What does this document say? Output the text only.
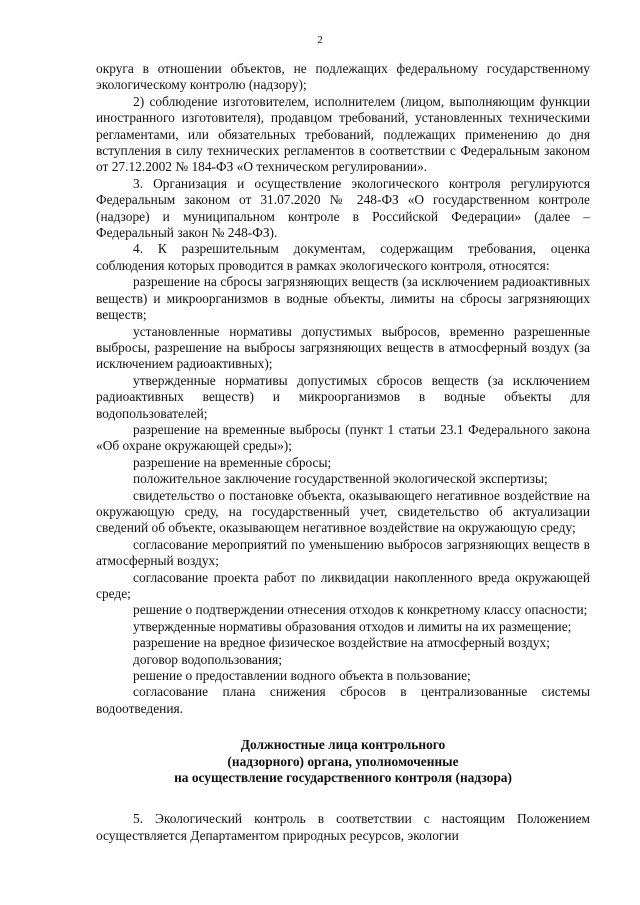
2

округа в отношении объектов, не подлежащих федеральному государственному экологическому контролю (надзору);

2) соблюдение изготовителем, исполнителем (лицом, выполняющим функции иностранного изготовителя), продавцом требований, установленных техническими регламентами, или обязательных требований, подлежащих применению до дня вступления в силу технических регламентов в соответствии с Федеральным законом от 27.12.2002 № 184-ФЗ «О техническом регулировании».

3. Организация и осуществление экологического контроля регулируются Федеральным законом от 31.07.2020 № 248-ФЗ «О государственном контроле (надзоре) и муниципальном контроле в Российской Федерации» (далее – Федеральный закон № 248-ФЗ).

4. К разрешительным документам, содержащим требования, оценка соблюдения которых проводится в рамках экологического контроля, относятся:

разрешение на сбросы загрязняющих веществ (за исключением радиоактивных веществ) и микроорганизмов в водные объекты, лимиты на сбросы загрязняющих веществ;

установленные нормативы допустимых выбросов, временно разрешенные выбросы, разрешение на выбросы загрязняющих веществ в атмосферный воздух (за исключением радиоактивных);

утвержденные нормативы допустимых сбросов веществ (за исключением радиоактивных веществ) и микроорганизмов в водные объекты для водопользователей;

разрешение на временные выбросы (пункт 1 статьи 23.1 Федерального закона «Об охране окружающей среды»);

разрешение на временные сбросы;

положительное заключение государственной экологической экспертизы;

свидетельство о постановке объекта, оказывающего негативное воздействие на окружающую среду, на государственный учет, свидетельство об актуализации сведений об объекте, оказывающем негативное воздействие на окружающую среду;

согласование мероприятий по уменьшению выбросов загрязняющих веществ в атмосферный воздух;

согласование проекта работ по ликвидации накопленного вреда окружающей среде;

решение о подтверждении отнесения отходов к конкретному классу опасности;

утвержденные нормативы образования отходов и лимиты на их размещение;

разрешение на вредное физическое воздействие на атмосферный воздух;

договор водопользования;

решение о предоставлении водного объекта в пользование;

согласование плана снижения сбросов в централизованные системы водоотведения.

Должностные лица контрольного
(надзорного) органа, уполномоченные
на осуществление государственного контроля (надзора)

5. Экологический контроль в соответствии с настоящим Положением осуществляется Департаментом природных ресурсов, экологии
